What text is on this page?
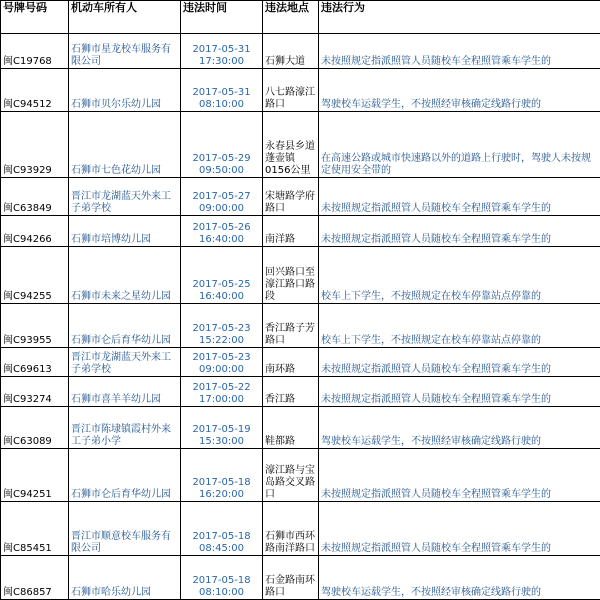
号牌号码	机动车所有人	违法时间	违法地点	违法行为
闽C19768	石狮市星龙校车服务有限公司	2017-05-31 17:30:00	石狮大道	未按照规定指派照管人员随校车全程照管乘车学生的
闽C94512	石狮市贝尔乐幼儿园	2017-05-31 08:10:00	八七路濠江路口	驾驶校车运载学生，不按照经审核确定线路行驶的
闽C93929	石狮市七色花幼儿园	2017-05-29 09:50:00	永春县乡道蓬壶镇0156公里	在高速公路或城市快速路以外的道路上行驶时，驾驶人未按规定使用安全带的
闽C63849	晋江市龙湖蓝天外来工子弟学校	2017-05-27 09:00:00	宋塘路学府路口	未按照规定指派照管人员随校车全程照管乘车学生的
闽C94266	石狮市培博幼儿园	2017-05-26 16:40:00	南洋路	未按照规定指派照管人员随校车全程照管乘车学生的
闽C94255	石狮市未来之星幼儿园	2017-05-25 16:40:00	回兴路口至濠江路口路段	校车上下学生，不按照规定在校车停靠站点停靠的
闽C93955	石狮市仑后育华幼儿园	2017-05-23 15:22:00	香江路子芳路口	校车上下学生，不按照规定在校车停靠站点停靠的
闽C69613	晋江市龙湖蓝天外来工子弟学校	2017-05-23 09:00:00	南环路	未按照规定指派照管人员随校车全程照管乘车学生的
闽C93274	石狮市喜羊羊幼儿园	2017-05-22 17:00:00	香江路	未按照规定指派照管人员随校车全程照管乘车学生的
闽C63089	晋江市陈埭镇霞村外来工子弟小学	2017-05-19 15:30:00	鞋都路	驾驶校车运载学生，不按照经审核确定线路行驶的
闽C94251	石狮市仑后育华幼儿园	2017-05-18 16:20:00	濠江路与宝岛路交叉路口	未按照规定指派照管人员随校车全程照管乘车学生的
闽C85451	晋江市顺意校车服务有限公司	2017-05-18 08:45:00	石狮市西环路南洋路口	未按照规定指派照管人员随校车全程照管乘车学生的
闽C86857	石狮市哈乐幼儿园	2017-05-18 08:10:00	石金路南环路口	驾驶校车运载学生，不按照经审核确定线路行驶的
